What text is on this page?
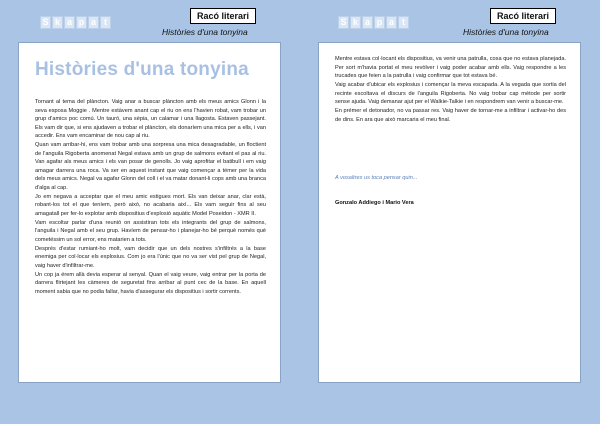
S k a p a t
Racó literari
Històries d'una tonyina
S k a p a t
Racó literari
Històries d'una tonyina
Històries d'una tonyina

Tornant al tema del plàncton. Vaig anar a buscar plàncton amb els meus amics Glonn i la seva esposa Moggie . Mentre estàvem anant cap el riu on ens l'havien robat, vam trobar un grup d'amics poc comú. Un tauró, una sèpia, un calamar i una llagosta. Estaven passejant. Els vam dir que, si ens ajudaven a trobar el plàncton, els donaríem una mica per a ells, i van accedir. Ens vam encaminar de nou cap al riu.

Quan vam arribar-hi, ens vam trobar amb una sorpresa una mica desagradable, un floctient de l'anguila Rigoberta anomenat Negal estava amb un grup de salmons evitant el pas al riu. Van agafar als meus amics i els van posar de genolls. Jo vaig aprofitar el batibull i em vaig amagar darrera una roca. Va ser en aquest instant que vaig començar a témer per la vida dels meus amics. Negal va agafar Glonn del coll i el va matar donant-li cops amb una branca d'alga al cap.

Jo em negava a acceptar que el meu amic estigues mort. Els van deixar anar, clar està, robant-los tot el que teníem, però això, no acabaria aixì... Els vam seguir fins al seu amagatall per fer-lo explotar amb dispositius d'explosió aquàtic Model Poseidon - XMR II.

Vam escoltar parlar d'una reunió on assistiran tots els integrants del grup de salmons, l'anguila i Negal amb el seu grup. Havíem de pensar-ho i planejar-ho bé perquè només què cometéssim un sol error, ens matarien a tots.

Després d'estar rumiant-ho molt, vam decidir que un dels nostres s'infiltrés a la base enemiga per col·locar els explosius. Com jo era l'únic que no va ser vist pel grup de Negal, vaig haver d'infiltrar-me.

Un cop ja érem allà devia esperar al senyal. Quan el vaig veure, vaig entrar per la porta de darrera flirtejant les càmeres de seguretat fins arribar al punt cec de la base. En aquell moment sabia que no podia fallar, havia d'assegurar els dispositius i sortir corrents.

Mentre estava col·locant els dispositius, va venir una patrulla, cosa que no estava planejada. Per sort m'havia portat el meu revòlver i vaig poder acabar amb ells. Vaig respondre a les trucades que feien a la patrulla i vaig confirmar que tot estava bé.

Vaig acabar d'ubicar els explosius i començar la meva escapada. A la vegada que sortia del recinte escoltava el discurs de l'anguila Rigoberta. No vaig trobar cap mètode per sortir sense ajuda. Vaig demanar ajut per el Walkie-Talkie i en respondrem van venir a buscar-me.

En prémer el detonador, no va passar res. Vaig haver de tornar-me a infiltrar i activar-ho des de dins. En ara que això marcaria el meu final.

A vosaltres us toca pensar quin...
Gonzalo Addiego i Mario Vera
